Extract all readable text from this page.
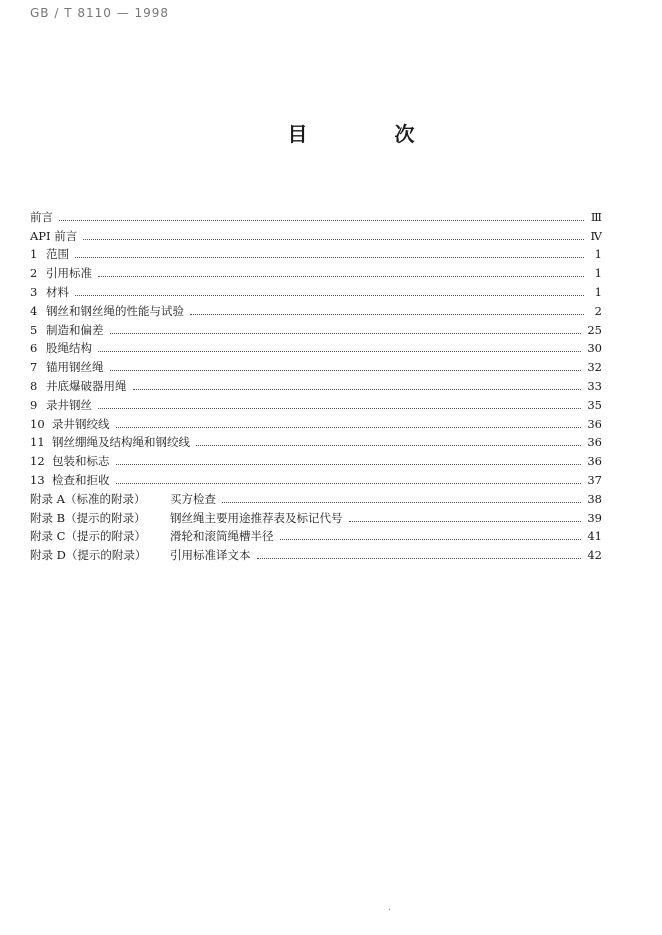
GB / T 8110 — 1998
目 次
前言	Ⅲ
API 前言	Ⅳ
1 范围	1
2 引用标准	1
3 材料	1
4 钢丝和钢丝绳的性能与试验	2
5 制造和偏差	25
6 股绳结构	30
7 锚用钢丝绳	32
8 井底爆破器用绳	33
9 录井钢丝	35
10 录井钢绞线	36
11 钢丝绷绳及结构绳和钢绞线	36
12 包装和标志	36
13 检查和拒收	37
附录 A（标准的附录） 买方检查	38
附录 B（提示的附录） 钢丝绳主要用途推荐表及标记代号	39
附录 C（提示的附录） 滑轮和滚筒绳槽半径	41
附录 D（提示的附录） 引用标准译文本	42
·
